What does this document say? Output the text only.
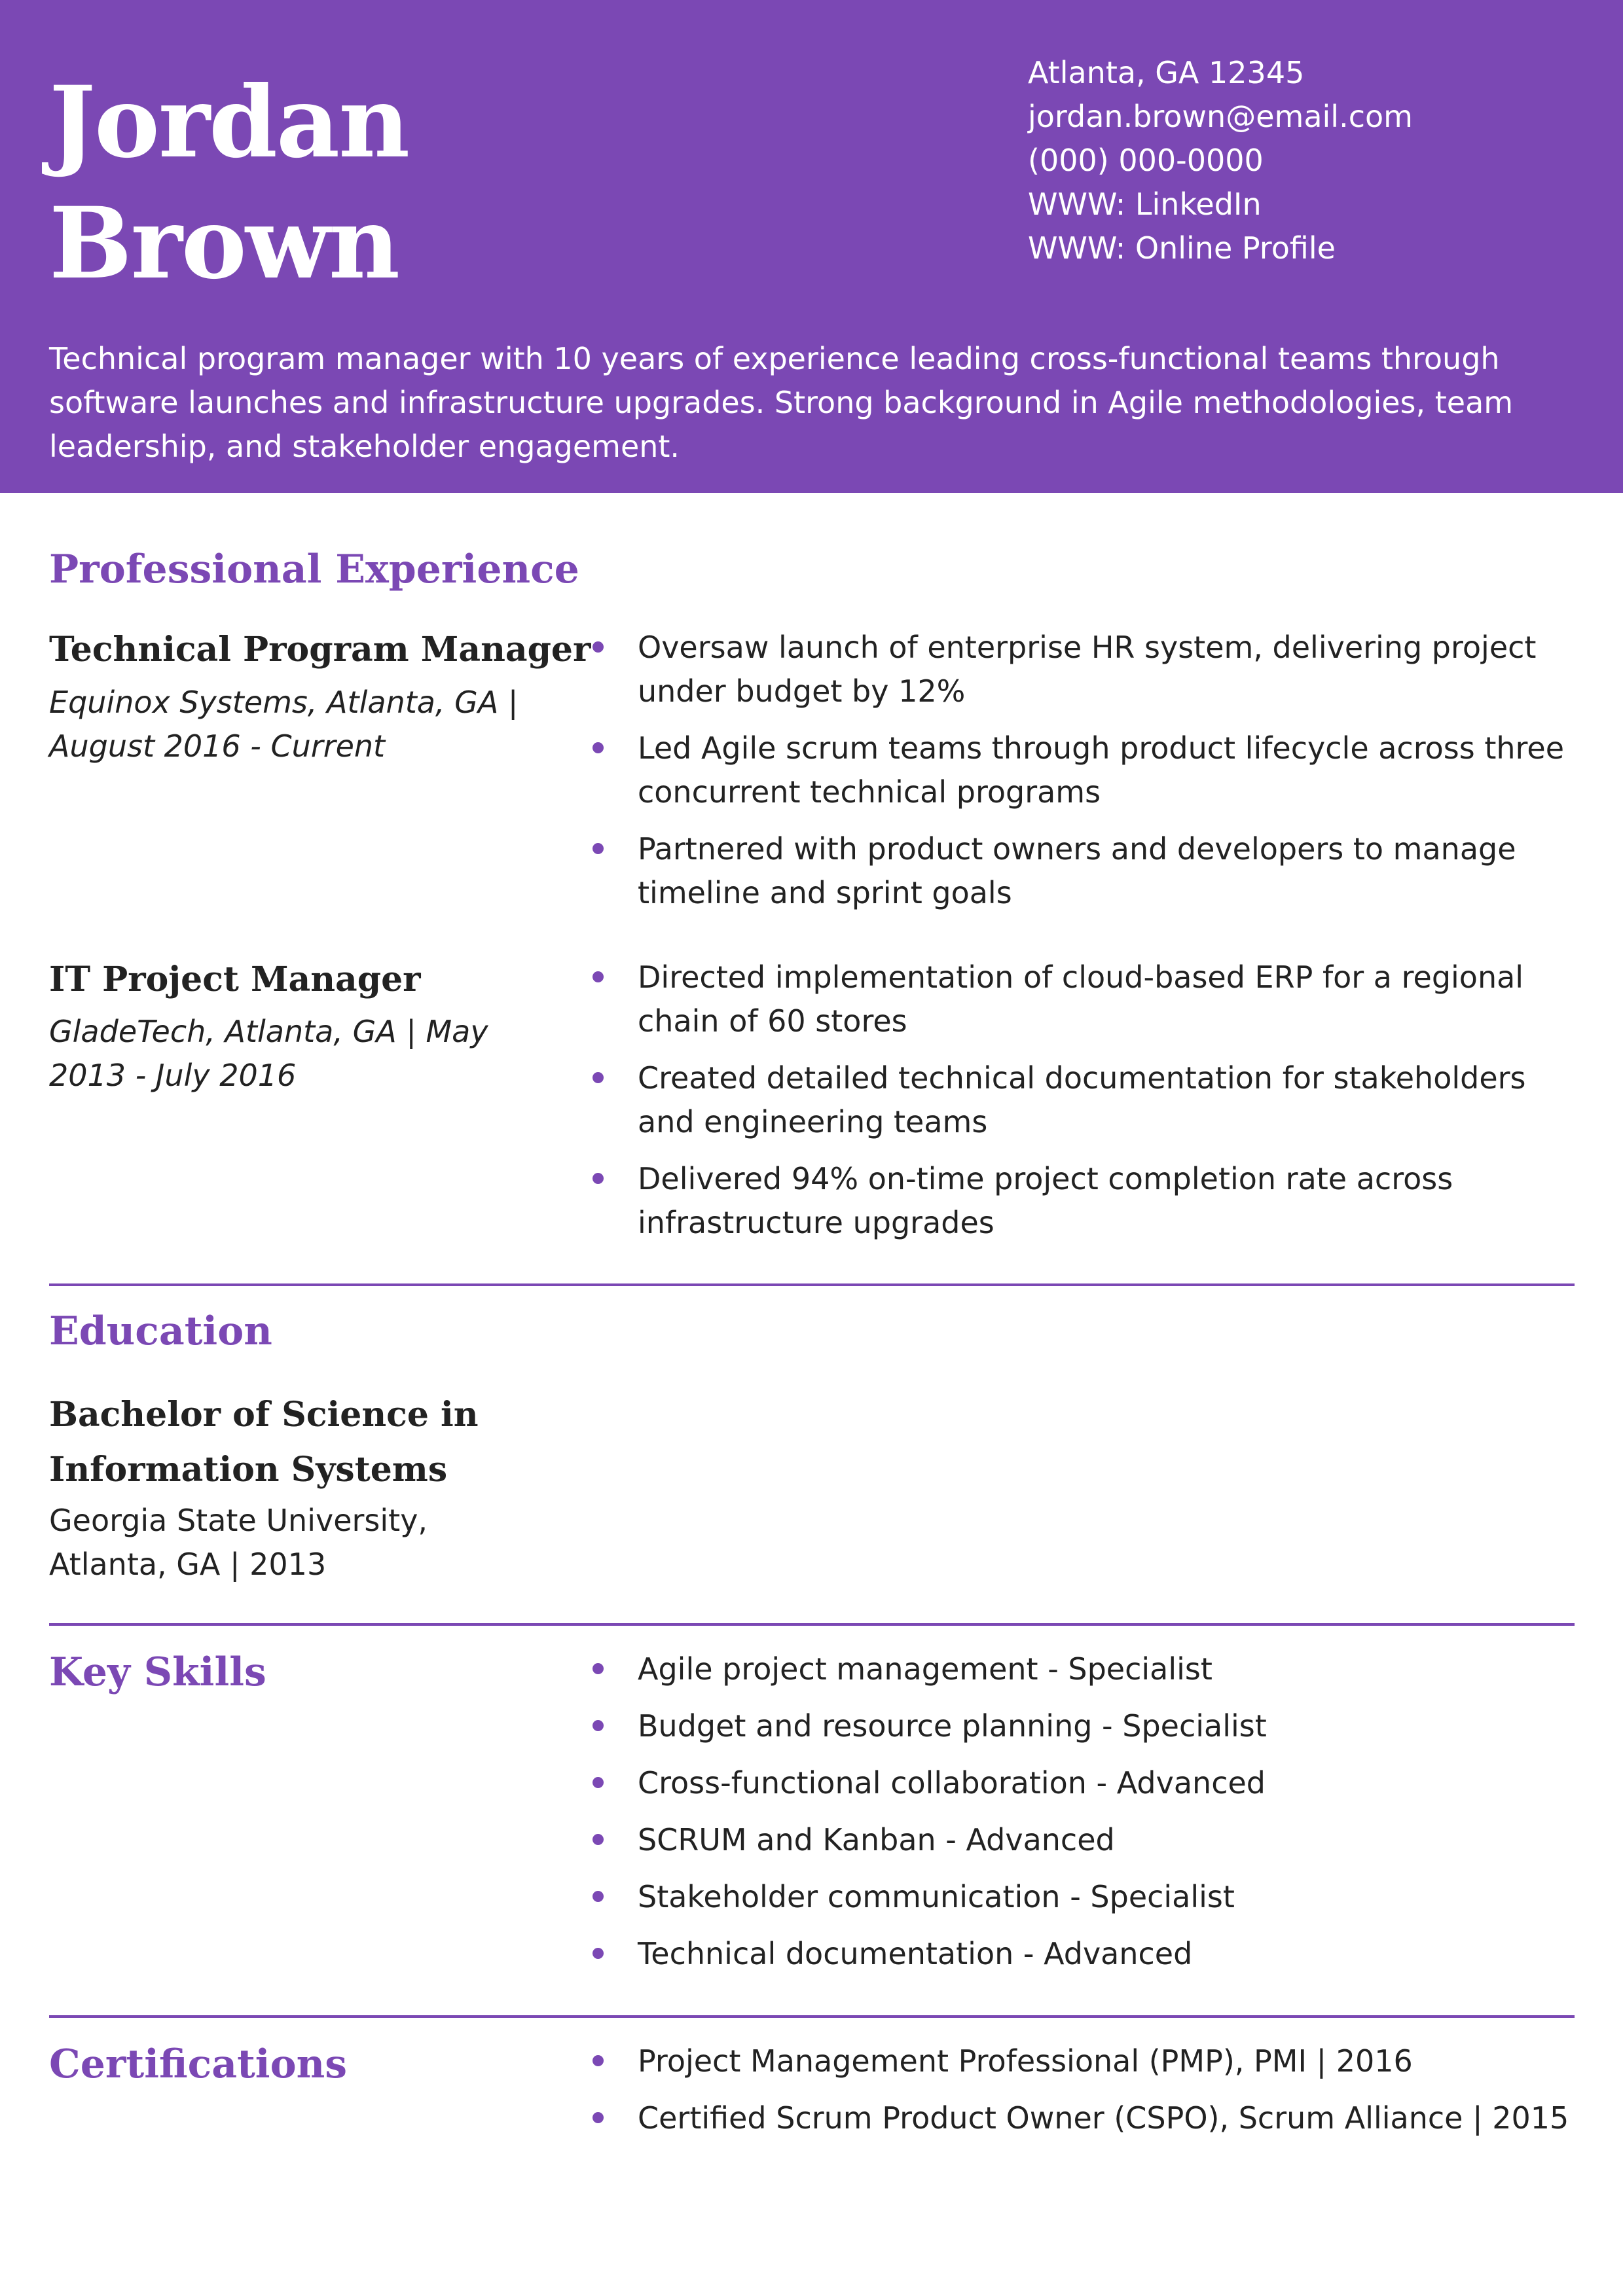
Jordan
Brown
Atlanta, GA 12345
jordan.brown@email.com
(000) 000-0000
WWW: LinkedIn
WWW: Online Profile
Technical program manager with 10 years of experience leading cross-functional teams through software launches and infrastructure upgrades. Strong background in Agile methodologies, team leadership, and stakeholder engagement.
Professional Experience
Technical Program Manager
Equinox Systems, Atlanta, GA | August 2016 - Current
Oversaw launch of enterprise HR system, delivering project under budget by 12%
Led Agile scrum teams through product lifecycle across three concurrent technical programs
Partnered with product owners and developers to manage timeline and sprint goals
IT Project Manager
GladeTech, Atlanta, GA | May 2013 - July 2016
Directed implementation of cloud-based ERP for a regional chain of 60 stores
Created detailed technical documentation for stakeholders and engineering teams
Delivered 94% on-time project completion rate across infrastructure upgrades
Education
Bachelor of Science in Information Systems
Georgia State University, Atlanta, GA | 2013
Key Skills	Agile project management - Specialist
Budget and resource planning - Specialist
Cross-functional collaboration - Advanced
SCRUM and Kanban - Advanced
Stakeholder communication - Specialist
Technical documentation - Advanced
Certifications	Project Management Professional (PMP), PMI | 2016
Certified Scrum Product Owner (CSPO), Scrum Alliance | 2015
